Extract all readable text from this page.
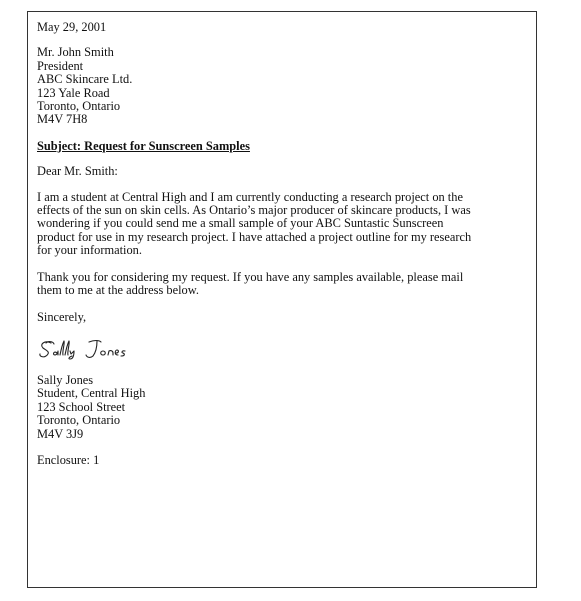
May 29, 2001
Mr. John Smith
President
ABC Skincare Ltd.
123 Yale Road
Toronto, Ontario
M4V 7H8
Subject: Request for Sunscreen Samples
Dear Mr. Smith:
I am a student at Central High and I am currently conducting a research project on the
effects of the sun on skin cells. As Ontario’s major producer of skincare products, I was
wondering if you could send me a small sample of your ABC Suntastic Sunscreen
product for use in my research project. I have attached a project outline for my research
for your information.
Thank you for considering my request. If you have any samples available, please mail
them to me at the address below.
Sincerely,
Sally Jones
Student, Central High
123 School Street
Toronto, Ontario
M4V 3J9
Enclosure: 1
